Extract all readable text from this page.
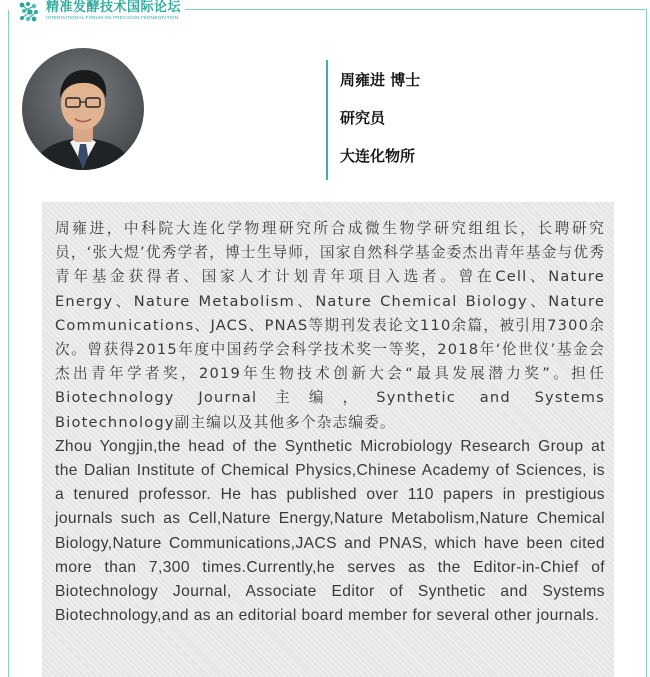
精准发酵技术国际论坛
INTERNATIONAL FORUM ON PRECISION FERMENTATION
周雍进 博士
研究员
大连化物所

周雍进，中科院大连化学物理研究所合成微生物学研究组组长，长聘研究员，‘张大煜’优秀学者，博士生导师，国家自然科学基金委杰出青年基金与优秀青年基金获得者、国家人才计划青年项目入选者。曾在Cell、Nature Energy、Nature Metabolism、Nature Chemical Biology、Nature Communications、JACS、PNAS等期刊发表论文110余篇，被引用7300余次。曾获得2015年度中国药学会科学技术奖一等奖，2018年‘伦世仪’基金会杰出青年学者奖，2019年生物技术创新大会“最具发展潜力奖”。担任Biotechnology Journal主编，Synthetic and Systems Biotechnology副主编以及其他多个杂志编委。

Zhou Yongjin,the head of the Synthetic Microbiology Research Group at the Dalian Institute of Chemical Physics,Chinese Academy of Sciences, is a tenured professor. He has published over 110 papers in prestigious journals such as Cell,Nature Energy,Nature Metabolism,Nature Chemical Biology,Nature Communications,JACS and PNAS, which have been cited more than 7,300 times.Currently,he serves as the Editor-in-Chief of Biotechnology Journal, Associate Editor of Synthetic and Systems Biotechnology,and as an editorial board member for several other journals.
